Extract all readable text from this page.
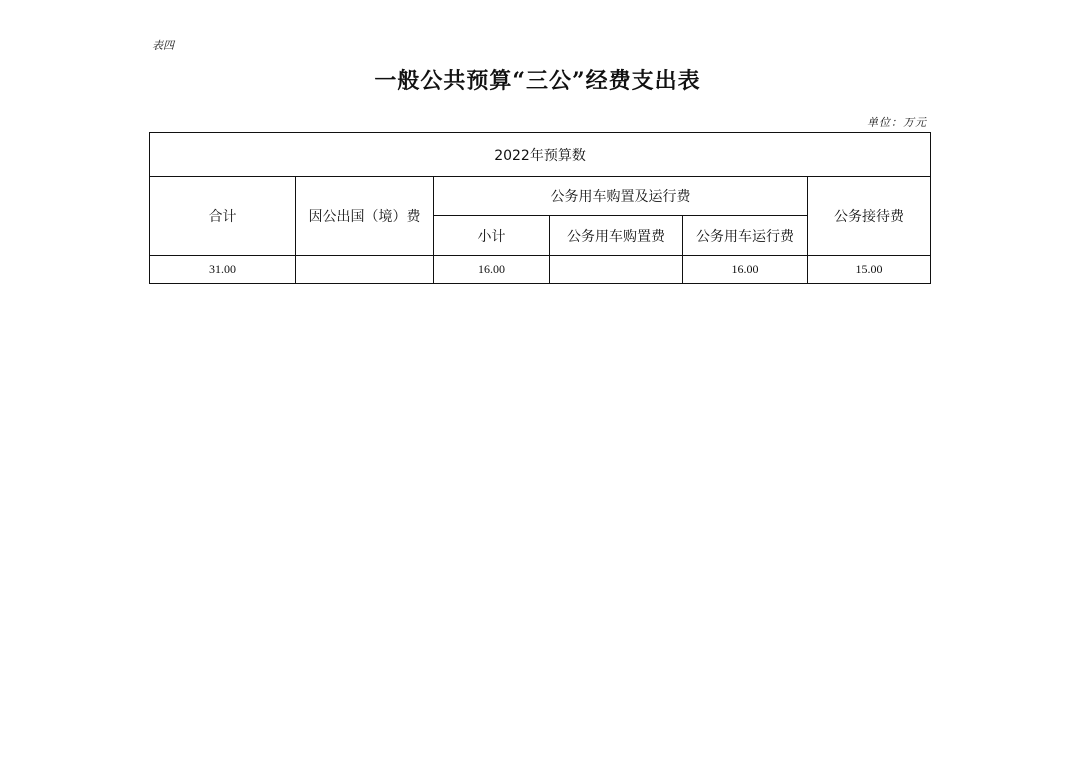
表四
一般公共预算“三公”经费支出表
单位：万元
2022年预算数					
合计	因公出国（境）费	公务用车购置及运行费			公务接待费
		小计	公务用车购置费	公务用车运行费	
31.00		16.00		16.00	15.00
